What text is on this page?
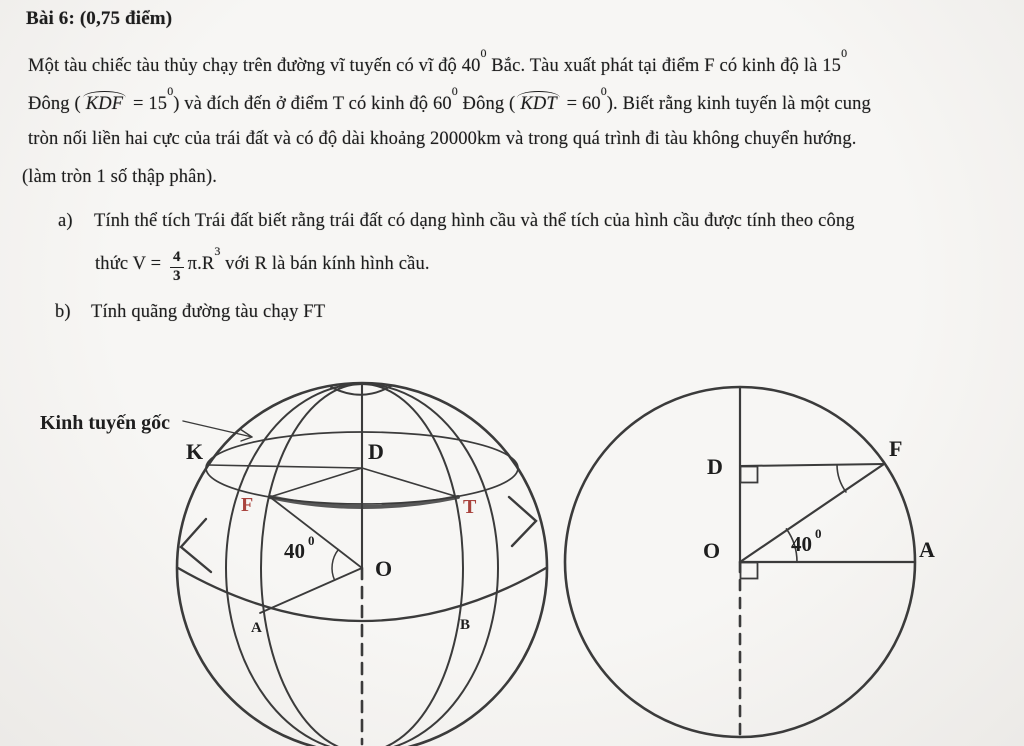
Bài 6: (0,75 điểm)
Một tàu chiếc tàu thủy chạy trên đường vĩ tuyến có vĩ độ $40^0$ Bắc. Tàu xuất phát tại điểm F có kinh độ là $15^0$
Đông ( KDF = $15^0$) và đích đến ở điểm T có kinh độ $60^0$ Đông ( KDT = $60^0$). Biết rằng kinh tuyến là một cung
tròn nối liền hai cực của trái đất và có độ dài khoảng 20000km và trong quá trình đi tàu không chuyển hướng.
(làm tròn 1 số thập phân).
a) Tính thể tích Trái đất biết rằng trái đất có dạng hình cầu và thể tích của hình cầu được tính theo công
thức $V = \frac{4}{3} \pi.R^3$ với R là bán kính hình cầu.
b) Tính quãng đường tàu chạy FT
Kinh tuyến gốc
K	D
F	T
O
40 0
A	B
D
F
O	A
40 0
